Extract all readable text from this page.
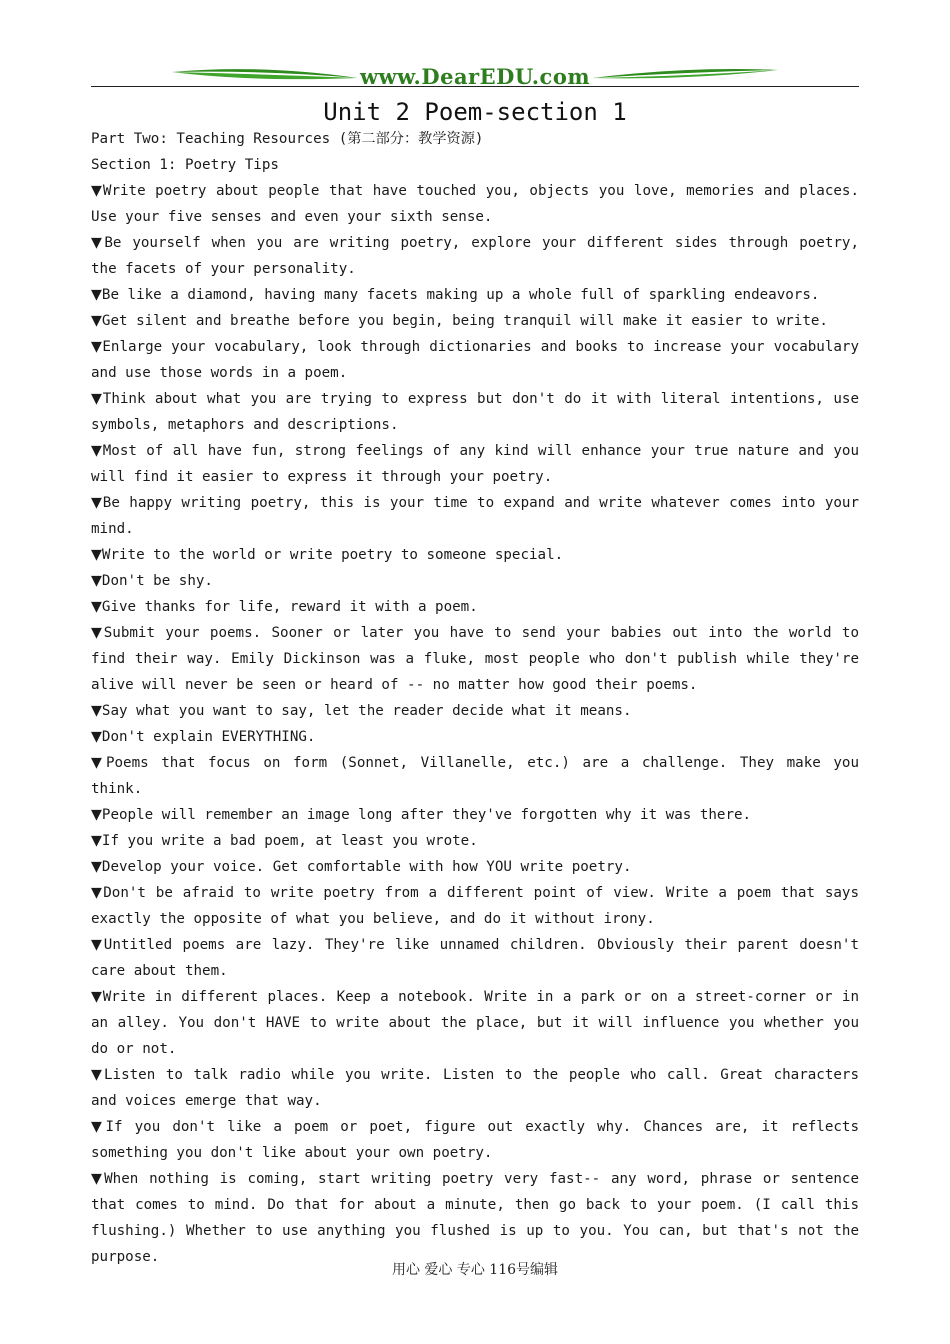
www.DearEDU.com
Unit 2 Poem-section 1

Part Two: Teaching Resources (第二部分：教学资源)

Section 1: Poetry Tips

▼Write poetry about people that have touched you, objects you love, memories and places. Use your five senses and even your sixth sense.

▼Be yourself when you are writing poetry, explore your different sides through poetry, the facets of your personality.

▼Be like a diamond, having many facets making up a whole full of sparkling endeavors.

▼Get silent and breathe before you begin, being tranquil will make it easier to write.

▼Enlarge your vocabulary, look through dictionaries and books to increase your vocabulary and use those words in a poem.

▼Think about what you are trying to express but don't do it with literal intentions, use symbols, metaphors and descriptions.

▼Most of all have fun, strong feelings of any kind will enhance your true nature and you will find it easier to express it through your poetry.

▼Be happy writing poetry, this is your time to expand and write whatever comes into your mind.

▼Write to the world or write poetry to someone special.

▼Don't be shy.

▼Give thanks for life, reward it with a poem.

▼Submit your poems. Sooner or later you have to send your babies out into the world to find their way. Emily Dickinson was a fluke, most people who don't publish while they're alive will never be seen or heard of -- no matter how good their poems.

▼Say what you want to say, let the reader decide what it means.

▼Don't explain EVERYTHING.

▼Poems that focus on form (Sonnet, Villanelle, etc.) are a challenge. They make you think.

▼People will remember an image long after they've forgotten why it was there.

▼If you write a bad poem, at least you wrote.

▼Develop your voice. Get comfortable with how YOU write poetry.

▼Don't be afraid to write poetry from a different point of view. Write a poem that says exactly the opposite of what you believe, and do it without irony.

▼Untitled poems are lazy. They're like unnamed children. Obviously their parent doesn't care about them.

▼Write in different places. Keep a notebook. Write in a park or on a street-corner or in an alley. You don't HAVE to write about the place, but it will influence you whether you do or not.

▼Listen to talk radio while you write. Listen to the people who call. Great characters and voices emerge that way.

▼If you don't like a poem or poet, figure out exactly why. Chances are, it reflects something you don't like about your own poetry.

▼When nothing is coming, start writing poetry very fast-- any word, phrase or sentence that comes to mind. Do that for about a minute, then go back to your poem. (I call this flushing.) Whether to use anything you flushed is up to you. You can, but that's not the purpose.

用心 爱心 专心 116号编辑
